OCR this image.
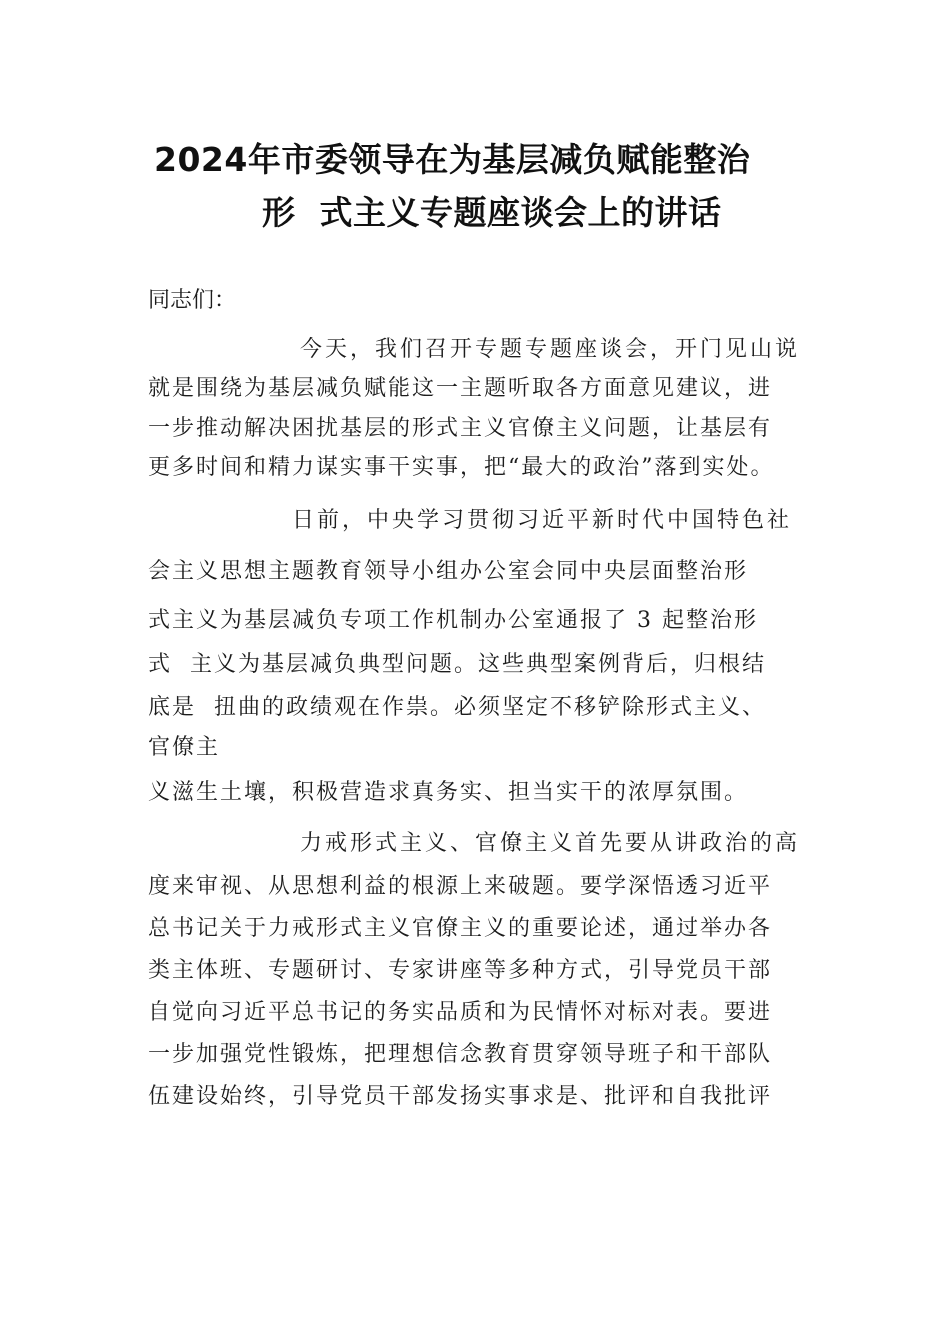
2024年市委领导在为基层减负赋能整治
形  式主义专题座谈会上的讲话

同志们：

今天，我们召开专题专题座谈会，开门见山说

就是围绕为基层减负赋能这一主题听取各方面意见建议，进

一步推动解决困扰基层的形式主义官僚主义问题，让基层有

更多时间和精力谋实事干实事，把“最大的政治”落到实处。

日前，中央学习贯彻习近平新时代中国特色社

会主义思想主题教育领导小组办公室会同中央层面整治形

式主义为基层减负专项工作机制办公室通报了 3 起整治形

式  主义为基层减负典型问题。这些典型案例背后，归根结

底是  扭曲的政绩观在作祟。必须坚定不移铲除形式主义、

官僚主

义滋生土壤，积极营造求真务实、担当实干的浓厚氛围。

力戒形式主义、官僚主义首先要从讲政治的高

度来审视、从思想利益的根源上来破题。要学深悟透习近平

总书记关于力戒形式主义官僚主义的重要论述，通过举办各

类主体班、专题研讨、专家讲座等多种方式，引导党员干部

自觉向习近平总书记的务实品质和为民情怀对标对表。要进

一步加强党性锻炼，把理想信念教育贯穿领导班子和干部队

伍建设始终，引导党员干部发扬实事求是、批评和自我批评
